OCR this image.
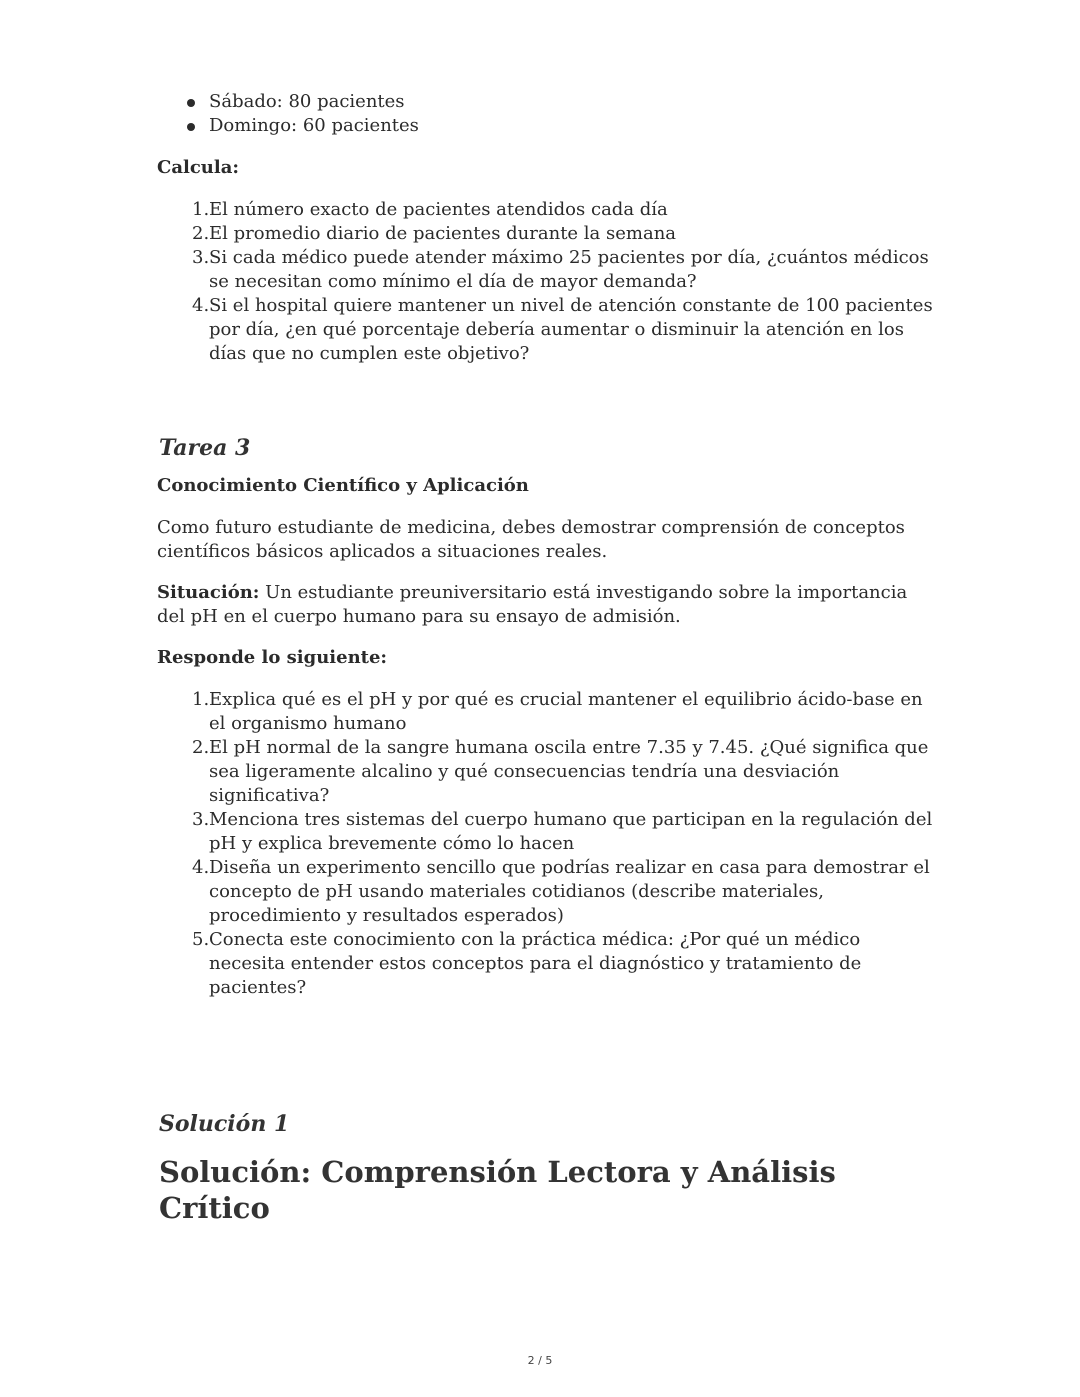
Sábado: 80 pacientes
Domingo: 60 pacientes

Calcula:

1. El número exacto de pacientes atendidos cada día
2. El promedio diario de pacientes durante la semana
3. Si cada médico puede atender máximo 25 pacientes por día, ¿cuántos médicos se necesitan como mínimo el día de mayor demanda?
4. Si el hospital quiere mantener un nivel de atención constante de 100 pacientes por día, ¿en qué porcentaje debería aumentar o disminuir la atención en los días que no cumplen este objetivo?

Tarea 3

Conocimiento Científico y Aplicación

Como futuro estudiante de medicina, debes demostrar comprensión de conceptos científicos básicos aplicados a situaciones reales.

Situación: Un estudiante preuniversitario está investigando sobre la importancia del pH en el cuerpo humano para su ensayo de admisión.

Responde lo siguiente:

1. Explica qué es el pH y por qué es crucial mantener el equilibrio ácido-base en el organismo humano
2. El pH normal de la sangre humana oscila entre 7.35 y 7.45. ¿Qué significa que sea ligeramente alcalino y qué consecuencias tendría una desviación significativa?
3. Menciona tres sistemas del cuerpo humano que participan en la regulación del pH y explica brevemente cómo lo hacen
4. Diseña un experimento sencillo que podrías realizar en casa para demostrar el concepto de pH usando materiales cotidianos (describe materiales, procedimiento y resultados esperados)
5. Conecta este conocimiento con la práctica médica: ¿Por qué un médico necesita entender estos conceptos para el diagnóstico y tratamiento de pacientes?

Solución 1

Solución: Comprensión Lectora y Análisis Crítico

2 / 5
